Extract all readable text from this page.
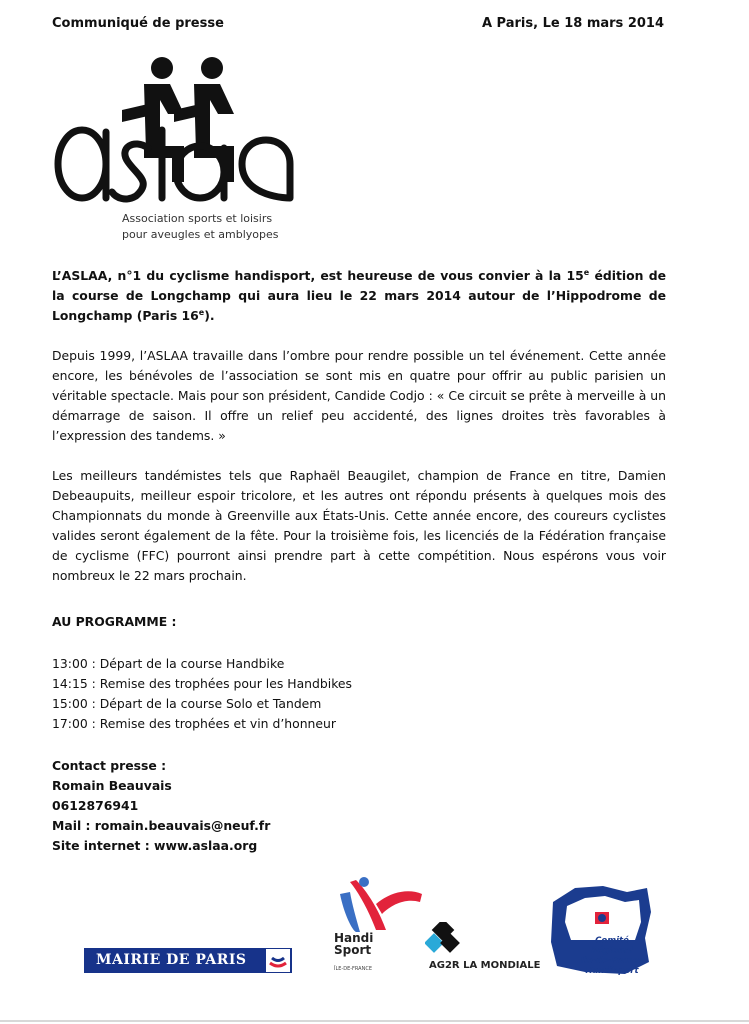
Communiqué de presse	A Paris, Le 18 mars 2014
Association sports et loisirs
pour aveugles et amblyopes

L’ASLAA, n°1 du cyclisme handisport, est heureuse de vous convier à la 15e édition de la course de Longchamp qui aura lieu le 22 mars 2014 autour de l’Hippodrome de Longchamp (Paris 16e).

Depuis 1999, l’ASLAA travaille dans l’ombre pour rendre possible un tel événement. Cette année encore, les bénévoles de l’association se sont mis en quatre pour offrir au public parisien un véritable spectacle. Mais pour son président, Candide Codjo : « Ce circuit se prête à merveille à un démarrage de saison. Il offre un relief peu accidenté, des lignes droites très favorables à l’expression des tandems. »
Les meilleurs tandémistes tels que Raphaël Beaugilet, champion de France en titre, Damien Debeaupuits, meilleur espoir tricolore, et les autres ont répondu présents à quelques mois des Championnats du monde à Greenville aux États-Unis. Cette année encore, des coureurs cyclistes valides seront également de la fête. Pour la troisième fois, les licenciés de la Fédération française de cyclisme (FFC) pourront ainsi prendre part à cette compétition. Nous espérons vous voir nombreux le 22 mars prochain.
AU PROGRAMME :
13:00 : Départ de la course Handbike
14:15 : Remise des trophées pour les Handbikes
15:00 : Départ de la course Solo et Tandem
17:00 : Remise des trophées et vin d’honneur
Contact presse :
Romain Beauvais
0612876941
Mail : romain.beauvais@neuf.fr
Site internet : www.aslaa.org
MAIRIE DE PARIS
Handi
Sport
ÎLE-DE-FRANCE	AG2R LA MONDIALE
Comité Régional
Ile-de-France
Handisport
